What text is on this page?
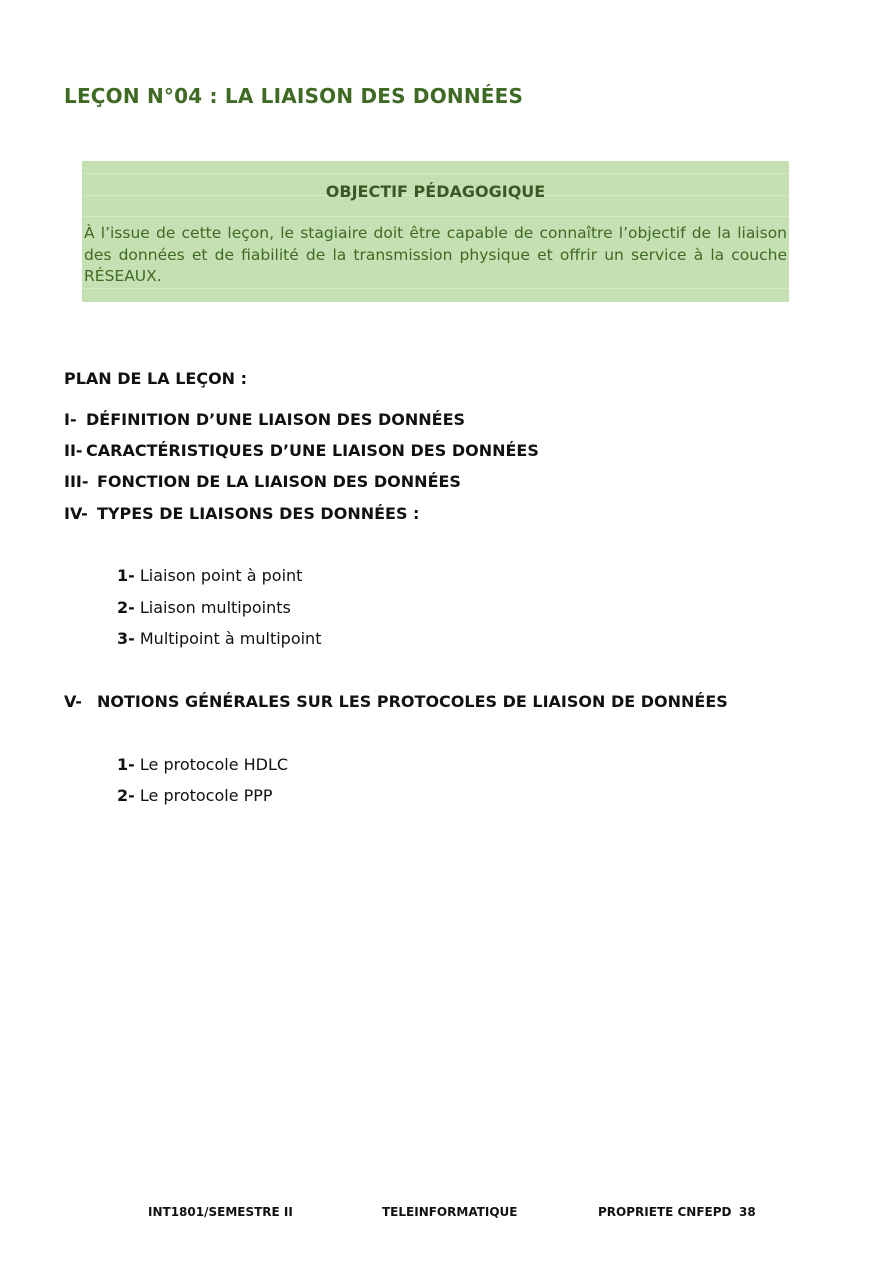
LEÇON N°04 : LA LIAISON DES DONNÉES
OBJECTIF PÉDAGOGIQUE
À l’issue de cette leçon, le stagiaire doit être capable de connaître l’objectif de la liaison des données et de fiabilité de la transmission physique et offrir un service à la couche RÉSEAUX.
PLAN DE LA LEÇON :
I- DÉFINITION D’UNE LIAISON DES DONNÉES
II- CARACTÉRISTIQUES D’UNE LIAISON DES DONNÉES
III- FONCTION DE LA LIAISON DES DONNÉES
IV- TYPES DE LIAISONS DES DONNÉES :
1- Liaison point à point
2- Liaison multipoints
3- Multipoint à multipoint
V- NOTIONS GÉNÉRALES SUR LES PROTOCOLES DE LIAISON DE DONNÉES
1- Le protocole HDLC
2- Le protocole PPP
INT1801/SEMESTRE II	TELEINFORMATIQUE	PROPRIETE CNFEPD 38
